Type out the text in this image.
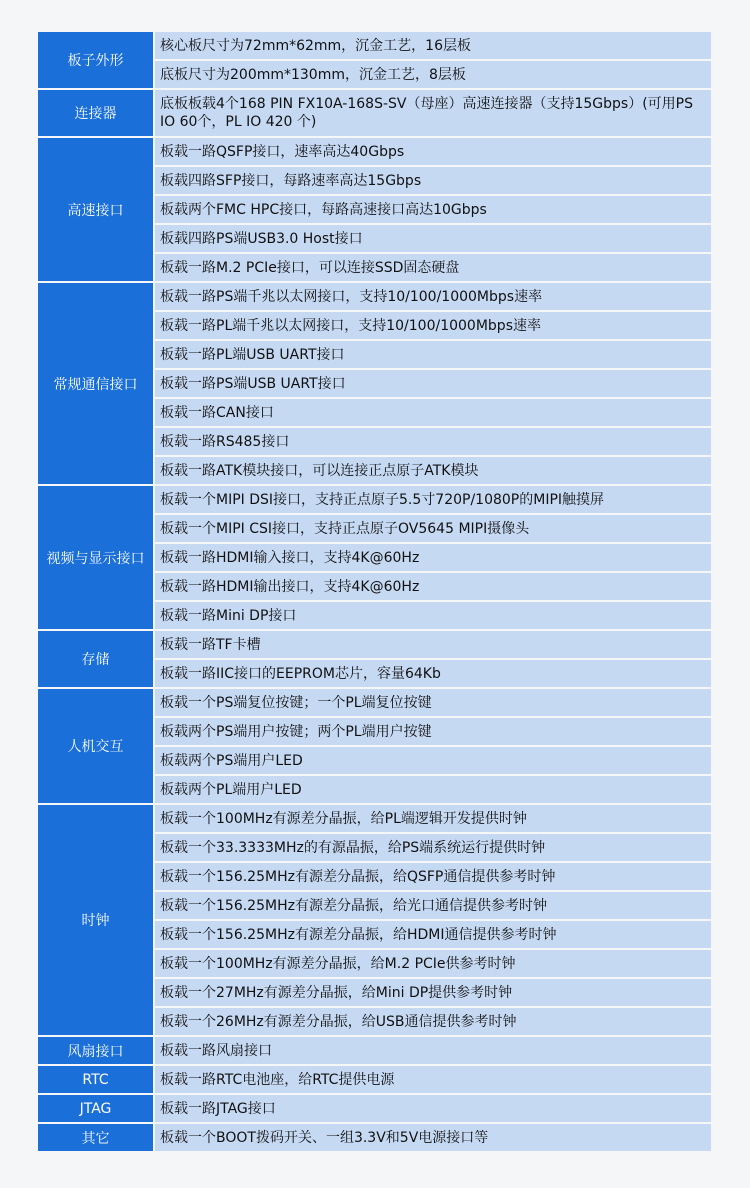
板子外形	核心板尺寸为72mm*62mm，沉金工艺，16层板
	底板尺寸为200mm*130mm，沉金工艺，8层板
连接器	底板板载4个168 PIN FX10A-168S-SV（母座）高速连接器（支持15Gbps）(可用PS IO 60个，PL IO 420 个)
高速接口	板载一路QSFP接口，速率高达40Gbps
	板载四路SFP接口，每路速率高达15Gbps
	板载两个FMC HPC接口，每路高速接口高达10Gbps
	板载四路PS端USB3.0 Host接口
	板载一路M.2 PCIe接口，可以连接SSD固态硬盘
常规通信接口	板载一路PS端千兆以太网接口，支持10/100/1000Mbps速率
	板载一路PL端千兆以太网接口，支持10/100/1000Mbps速率
	板载一路PL端USB UART接口
	板载一路PS端USB UART接口
	板载一路CAN接口
	板载一路RS485接口
	板载一路ATK模块接口，可以连接正点原子ATK模块
视频与显示接口	板载一个MIPI DSI接口，支持正点原子5.5寸720P/1080P的MIPI触摸屏
	板载一个MIPI CSI接口，支持正点原子OV5645 MIPI摄像头
	板载一路HDMI输入接口，支持4K@60Hz
	板载一路HDMI输出接口，支持4K@60Hz
	板载一路Mini DP接口
存储	板载一路TF卡槽
	板载一路IIC接口的EEPROM芯片，容量64Kb
人机交互	板载一个PS端复位按键；一个PL端复位按键
	板载两个PS端用户按键；两个PL端用户按键
	板载两个PS端用户LED
	板载两个PL端用户LED
时钟	板载一个100MHz有源差分晶振，给PL端逻辑开发提供时钟
	板载一个33.3333MHz的有源晶振，给PS端系统运行提供时钟
	板载一个156.25MHz有源差分晶振，给QSFP通信提供参考时钟
	板载一个156.25MHz有源差分晶振，给光口通信提供参考时钟
	板载一个156.25MHz有源差分晶振，给HDMI通信提供参考时钟
	板载一个100MHz有源差分晶振，给M.2 PCIe供参考时钟
	板载一个27MHz有源差分晶振，给Mini DP提供参考时钟
	板载一个26MHz有源差分晶振，给USB通信提供参考时钟
风扇接口	板载一路风扇接口
RTC	板载一路RTC电池座，给RTC提供电源
JTAG	板载一路JTAG接口
其它	板载一个BOOT拨码开关、一组3.3V和5V电源接口等
